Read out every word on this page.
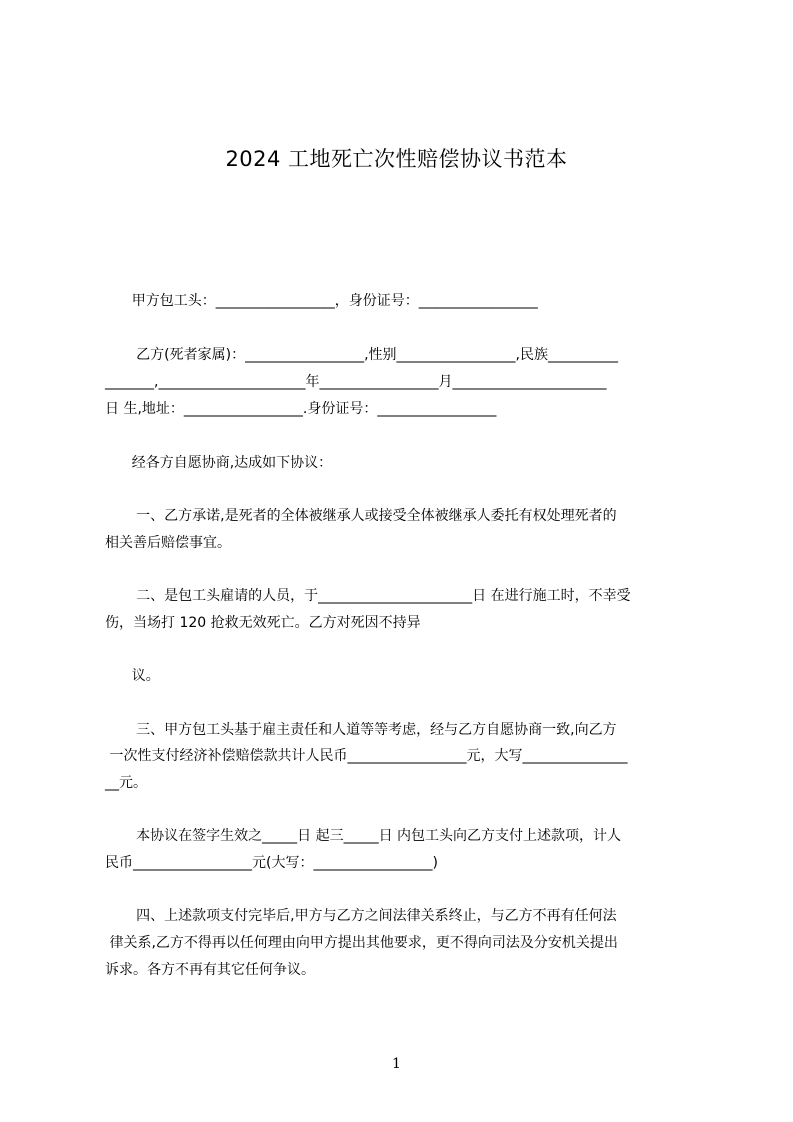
2024 工地死亡次性赔偿协议书范本
甲方包工头：_________________，身份证号：_________________
乙方(死者家属)：_________________,性别_________________,民族__________
_______,_____________________年_________________月______________________
日 生,地址：_________________.身份证号：_________________
经各方自愿协商,达成如下协议：
一、乙方承诺,是死者的全体被继承人或接受全体被继承人委托有权处理死者的
相关善后赔偿事宜。
二、是包工头雇请的人员，于______________________日 在进行施工时，不幸受
伤，当场打 120 抢救无效死亡。乙方对死因不持异
议。
三、甲方包工头基于雇主责任和人道等等考虑，经与乙方自愿协商一致,向乙方
一次性支付经济补偿赔偿款共计人民币_________________元，大写_______________
__元。
本协议在签字生效之_____日 起三_____日 内包工头向乙方支付上述款项，计人
民币_________________元(大写：_________________)
四、上述款项支付完毕后,甲方与乙方之间法律关系终止，与乙方不再有任何法
律关系,乙方不得再以任何理由向甲方提出其他要求，更不得向司法及分安机关提出
诉求。各方不再有其它任何争议。
1
